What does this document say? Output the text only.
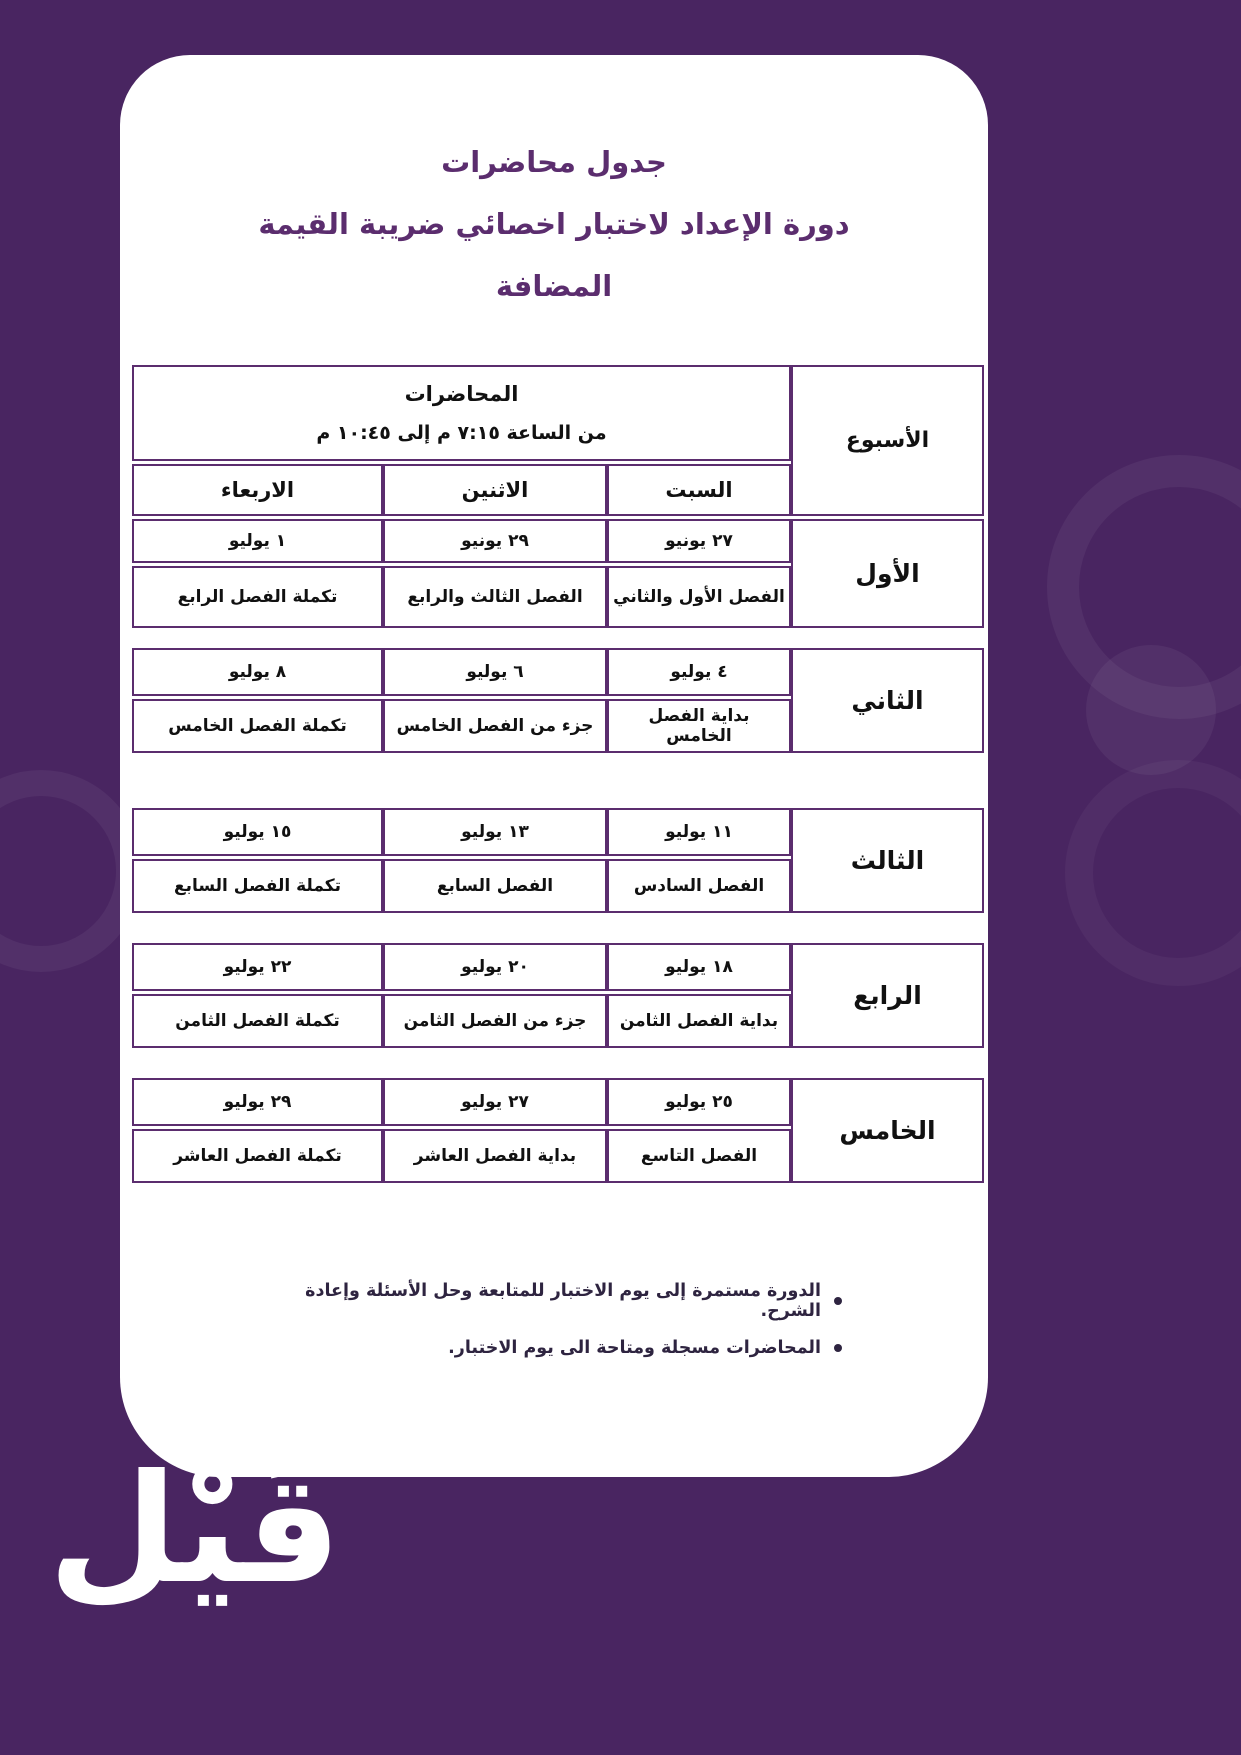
جدول محاضرات
دورة الإعداد لاختبار اخصائي ضريبة القيمة
المضافة
الأسبوع	المحاضرات
من الساعة ٧:١٥ م إلى ١٠:٤٥ م		

	السبت	الاثنين	الاربعاء
الأول	٢٧ يونيو	٢٩ يونيو	١ يوليو
	الفصل الأول والثاني	الفصل الثالث والرابع	تكملة الفصل الرابع
الثاني	٤ يوليو	٦ يوليو	٨ يوليو
	بداية الفصل الخامس	جزء من الفصل الخامس	تكملة الفصل الخامس
الثالث	١١ يوليو	١٣ يوليو	١٥ يوليو
	الفصل السادس	الفصل السابع	تكملة الفصل السابع
الرابع	١٨ يوليو	٢٠ يوليو	٢٢ يوليو
	بداية الفصل الثامن	جزء من الفصل الثامن	تكملة الفصل الثامن
الخامس	٢٥ يوليو	٢٧ يوليو	٢٩ يوليو
	الفصل التاسع	بداية الفصل العاشر	تكملة الفصل العاشر
الدورة مستمرة إلى يوم الاختبار للمتابعة وحل الأسئلة وإعادة الشرح.
المحاضرات مسجلة ومتاحة الى يوم الاختبار.
قَيْل
